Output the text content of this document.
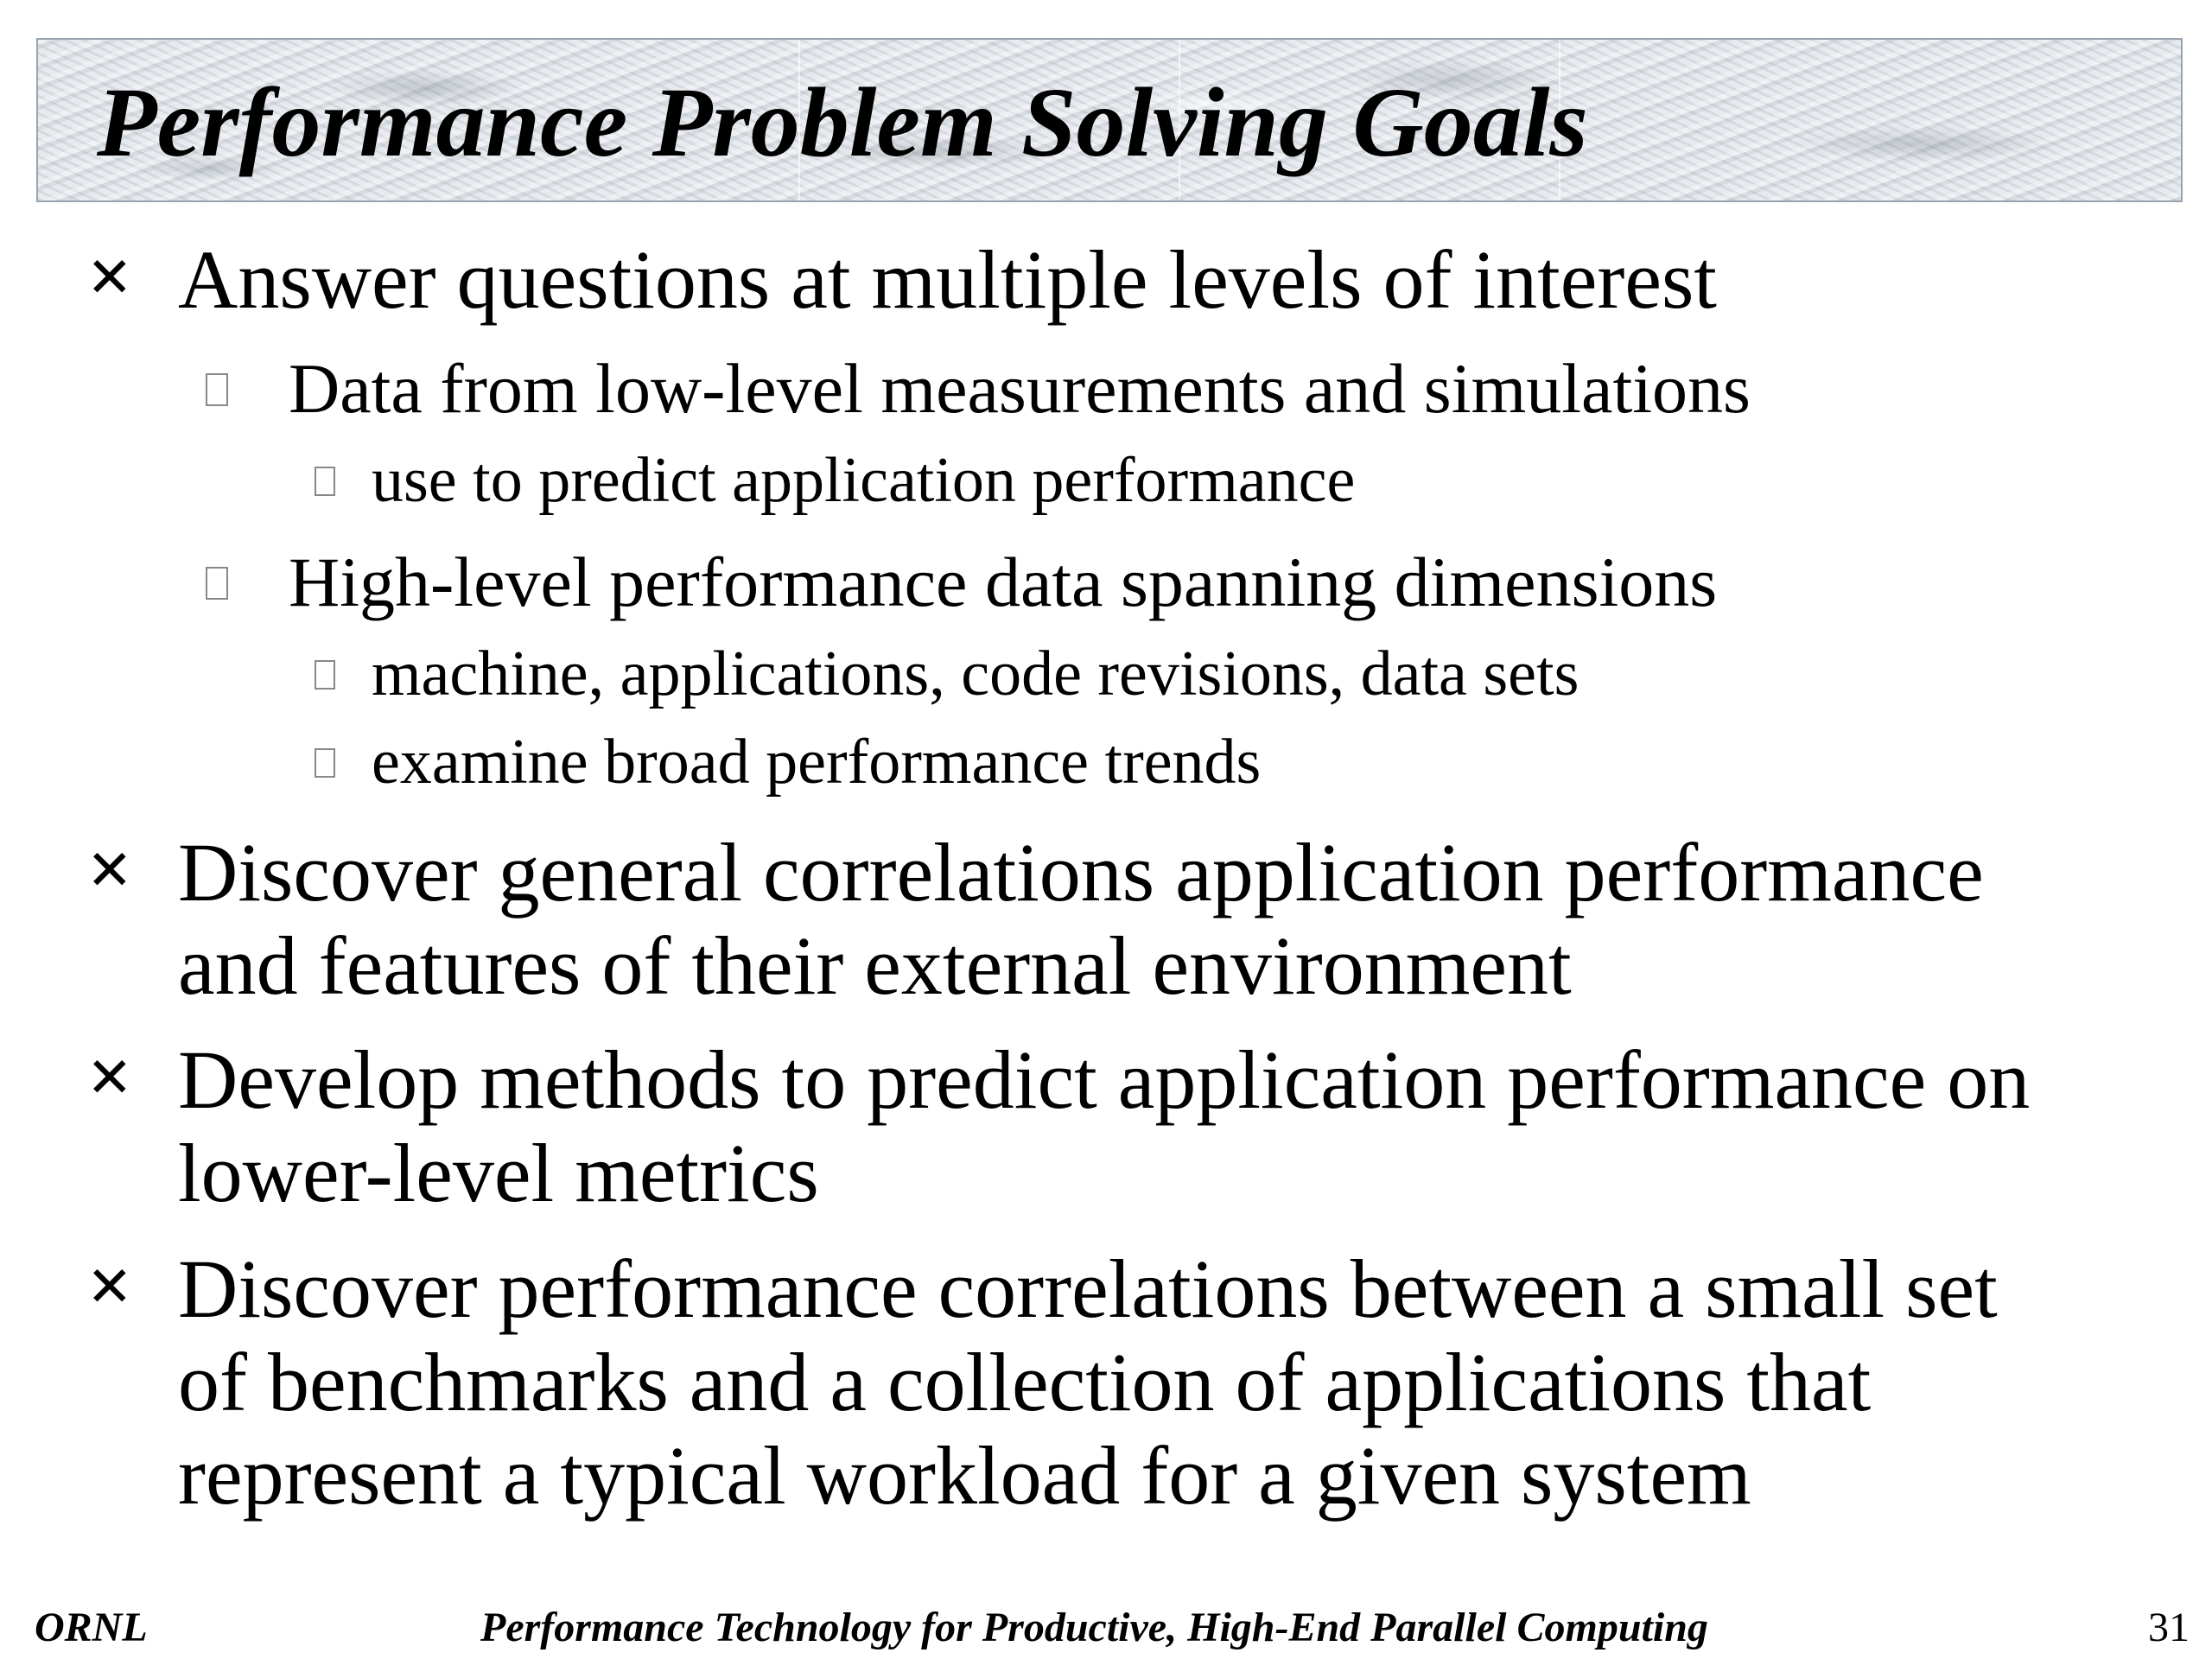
Performance Problem Solving Goals
✕ Answer questions at multiple levels of interest
Data from low-level measurements and simulations
use to predict application performance
High-level performance data spanning dimensions
machine, applications, code revisions, data sets
examine broad performance trends
✕ Discover general correlations application performance
and features of their external environment
✕ Develop methods to predict application performance on
lower-level metrics
✕ Discover performance correlations between a small set
of benchmarks and a collection of applications that
represent a typical workload for a given system
ORNL	Performance Technology for Productive, High-End Parallel Computing	31
